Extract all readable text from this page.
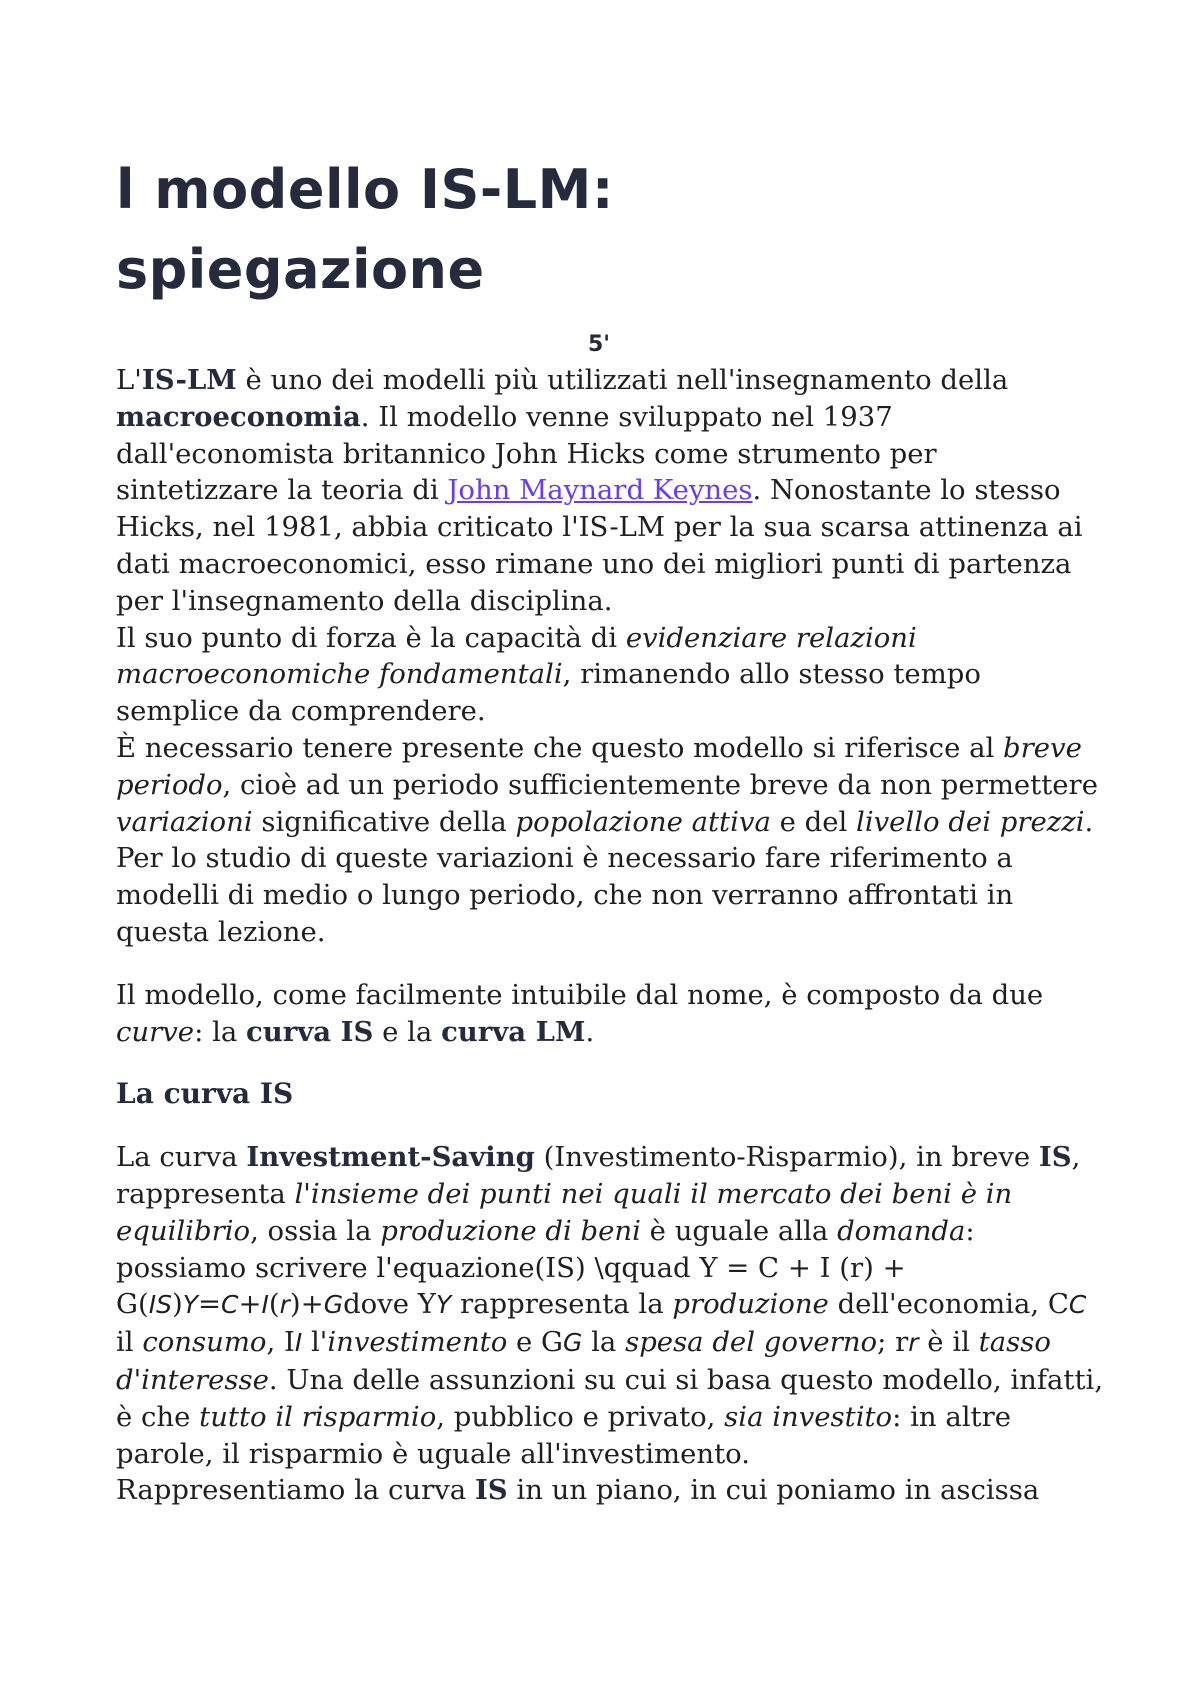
l modello IS-LM:
spiegazione
5'

L'IS-LM è uno dei modelli più utilizzati nell'insegnamento della macroeconomia. Il modello venne sviluppato nel 1937 dall'economista britannico John Hicks come strumento per sintetizzare la teoria di John Maynard Keynes. Nonostante lo stesso Hicks, nel 1981, abbia criticato l'IS-LM per la sua scarsa attinenza ai dati macroeconomici, esso rimane uno dei migliori punti di partenza per l'insegnamento della disciplina.

Il suo punto di forza è la capacità di evidenziare relazioni macroeconomiche fondamentali, rimanendo allo stesso tempo semplice da comprendere.

È necessario tenere presente che questo modello si riferisce al breve periodo, cioè ad un periodo sufficientemente breve da non permettere variazioni significative della popolazione attiva e del livello dei prezzi. Per lo studio di queste variazioni è necessario fare riferimento a modelli di medio o lungo periodo, che non verranno affrontati in questa lezione.

Il modello, come facilmente intuibile dal nome, è composto da due curve: la curva IS e la curva LM.

La curva IS

La curva Investment-Saving (Investimento-Risparmio), in breve IS, rappresenta l'insieme dei punti nei quali il mercato dei beni è in equilibrio, ossia la produzione di beni è uguale alla domanda: possiamo scrivere l'equazione(IS) \qquad Y = C + I (r) + G(IS)Y=C+I(r)+Gdove YY rappresenta la produzione dell'economia, CC il consumo, II l'investimento e GG la spesa del governo; rr è il tasso d'interesse. Una delle assunzioni su cui si basa questo modello, infatti, è che tutto il risparmio, pubblico e privato, sia investito: in altre parole, il risparmio è uguale all'investimento.

Rappresentiamo la curva IS in un piano, in cui poniamo in ascissa
